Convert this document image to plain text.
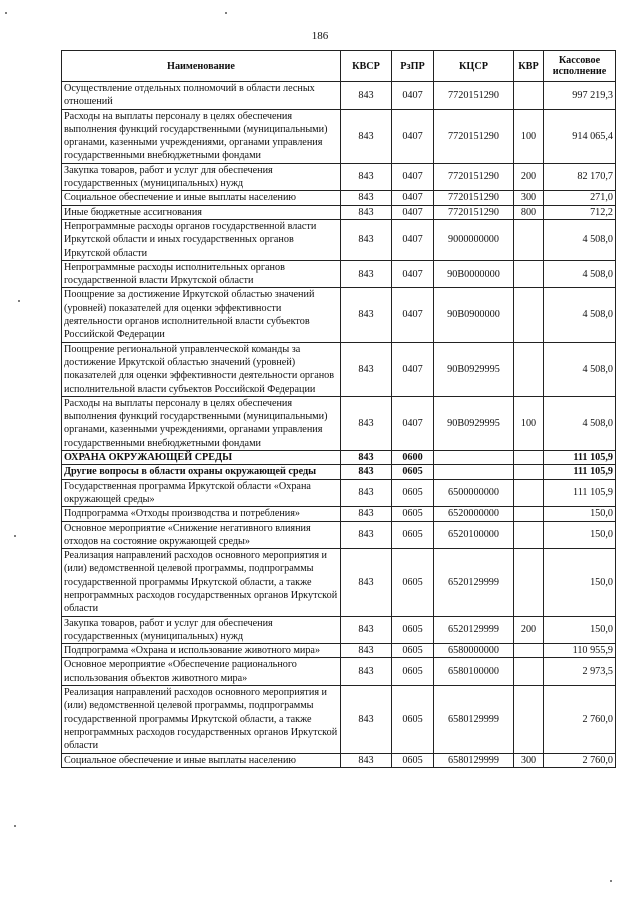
186
Наименование	КВСР	РзПР	КЦСР	КВР	Кассовое исполнение
Осуществление отдельных полномочий в области лесных отношений	843	0407	7720151290		997 219,3
Расходы на выплаты персоналу в целях обеспечения выполнения функций государственными (муниципальными) органами, казенными учреждениями, органами управления государственными внебюджетными фондами	843	0407	7720151290	100	914 065,4
Закупка товаров, работ и услуг для обеспечения государственных (муниципальных) нужд	843	0407	7720151290	200	82 170,7
Социальное обеспечение и иные выплаты населению	843	0407	7720151290	300	271,0
Иные бюджетные ассигнования	843	0407	7720151290	800	712,2
Непрограммные расходы органов государственной власти Иркутской области и иных государственных органов Иркутской области	843	0407	9000000000		4 508,0
Непрограммные расходы исполнительных органов государственной власти Иркутской области	843	0407	90B0000000		4 508,0
Поощрение за достижение Иркутской областью значений (уровней) показателей для оценки эффективности деятельности органов исполнительной власти субъектов Российской Федерации	843	0407	90B0900000		4 508,0
Поощрение региональной управленческой команды за достижение Иркутской областью значений (уровней) показателей для оценки эффективности деятельности органов исполнительной власти субъектов Российской Федерации	843	0407	90B0929995		4 508,0
Расходы на выплаты персоналу в целях обеспечения выполнения функций государственными (муниципальными) органами, казенными учреждениями, органами управления государственными внебюджетными фондами	843	0407	90B0929995	100	4 508,0
ОХРАНА ОКРУЖАЮЩЕЙ СРЕДЫ	843	0600			111 105,9
Другие вопросы в области охраны окружающей среды	843	0605			111 105,9
Государственная программа Иркутской области «Охрана окружающей среды»	843	0605	6500000000		111 105,9
Подпрограмма «Отходы производства и потребления»	843	0605	6520000000		150,0
Основное мероприятие «Снижение негативного влияния отходов на состояние окружающей среды»	843	0605	6520100000		150,0
Реализация направлений расходов основного мероприятия и (или) ведомственной целевой программы, подпрограммы государственной программы Иркутской области, а также непрограммных расходов государственных органов Иркутской области	843	0605	6520129999		150,0
Закупка товаров, работ и услуг для обеспечения государственных (муниципальных) нужд	843	0605	6520129999	200	150,0
Подпрограмма «Охрана и использование животного мира»	843	0605	6580000000		110 955,9
Основное мероприятие «Обеспечение рационального использования объектов животного мира»	843	0605	6580100000		2 973,5
Реализация направлений расходов основного мероприятия и (или) ведомственной целевой программы, подпрограммы государственной программы Иркутской области, а также непрограммных расходов государственных органов Иркутской области	843	0605	6580129999		2 760,0
Социальное обеспечение и иные выплаты населению	843	0605	6580129999	300	2 760,0
